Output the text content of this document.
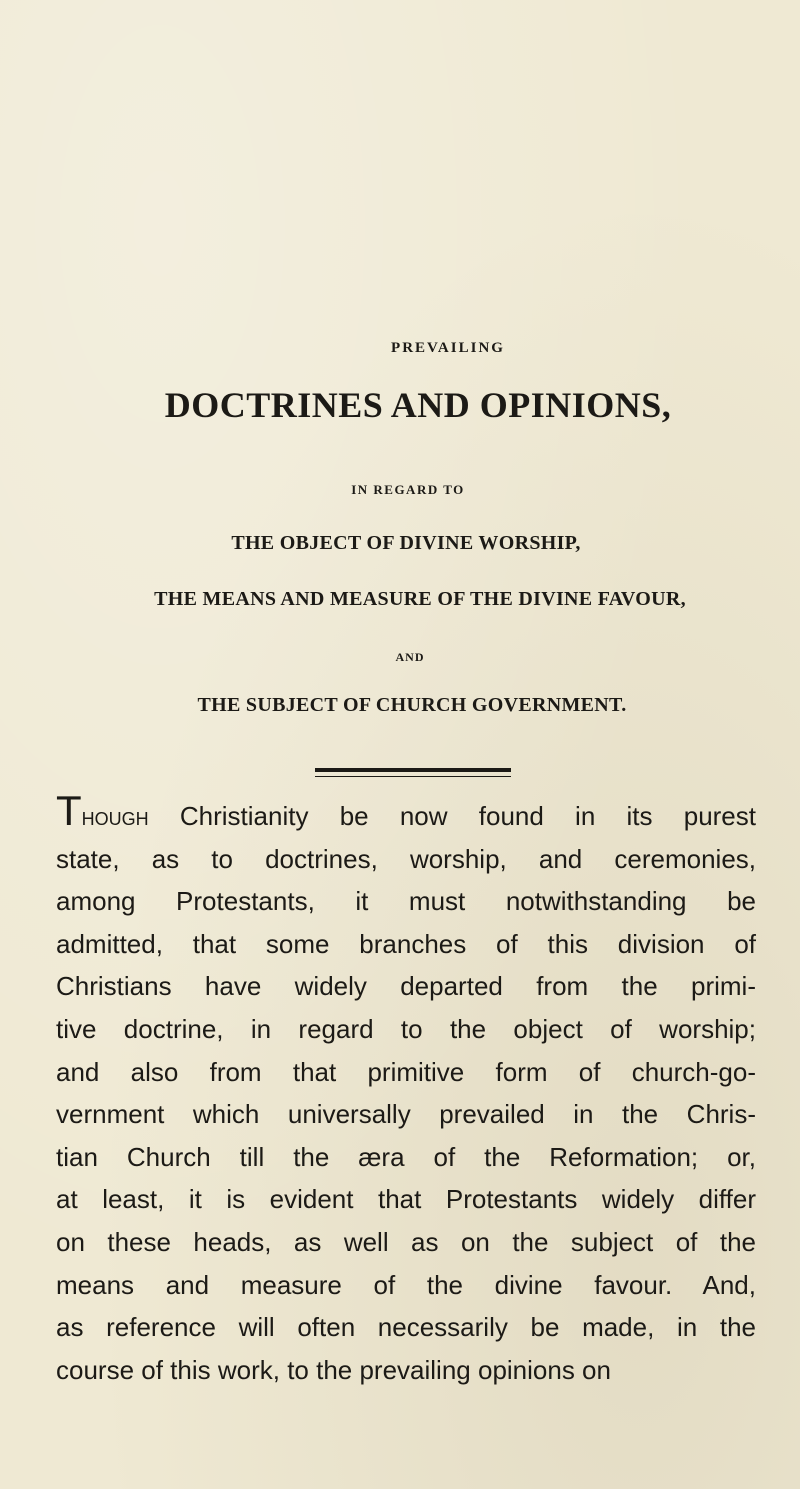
PREVAILING
DOCTRINES AND OPINIONS,
IN REGARD TO
THE OBJECT OF DIVINE WORSHIP,
THE MEANS AND MEASURE OF THE DIVINE FAVOUR,
AND
THE SUBJECT OF CHURCH GOVERNMENT.
Though Christianity be now found in its purest
state, as to doctrines, worship, and ceremonies,
among Protestants, it must notwithstanding be
admitted, that some branches of this division of
Christians have widely departed from the primi-
tive doctrine, in regard to the object of worship;
and also from that primitive form of church-go-
vernment which universally prevailed in the Chris-
tian Church till the æra of the Reformation; or,
at least, it is evident that Protestants widely differ
on these heads, as well as on the subject of the
means and measure of the divine favour. And,
as reference will often necessarily be made, in the
course of this work, to the prevailing opinions on
